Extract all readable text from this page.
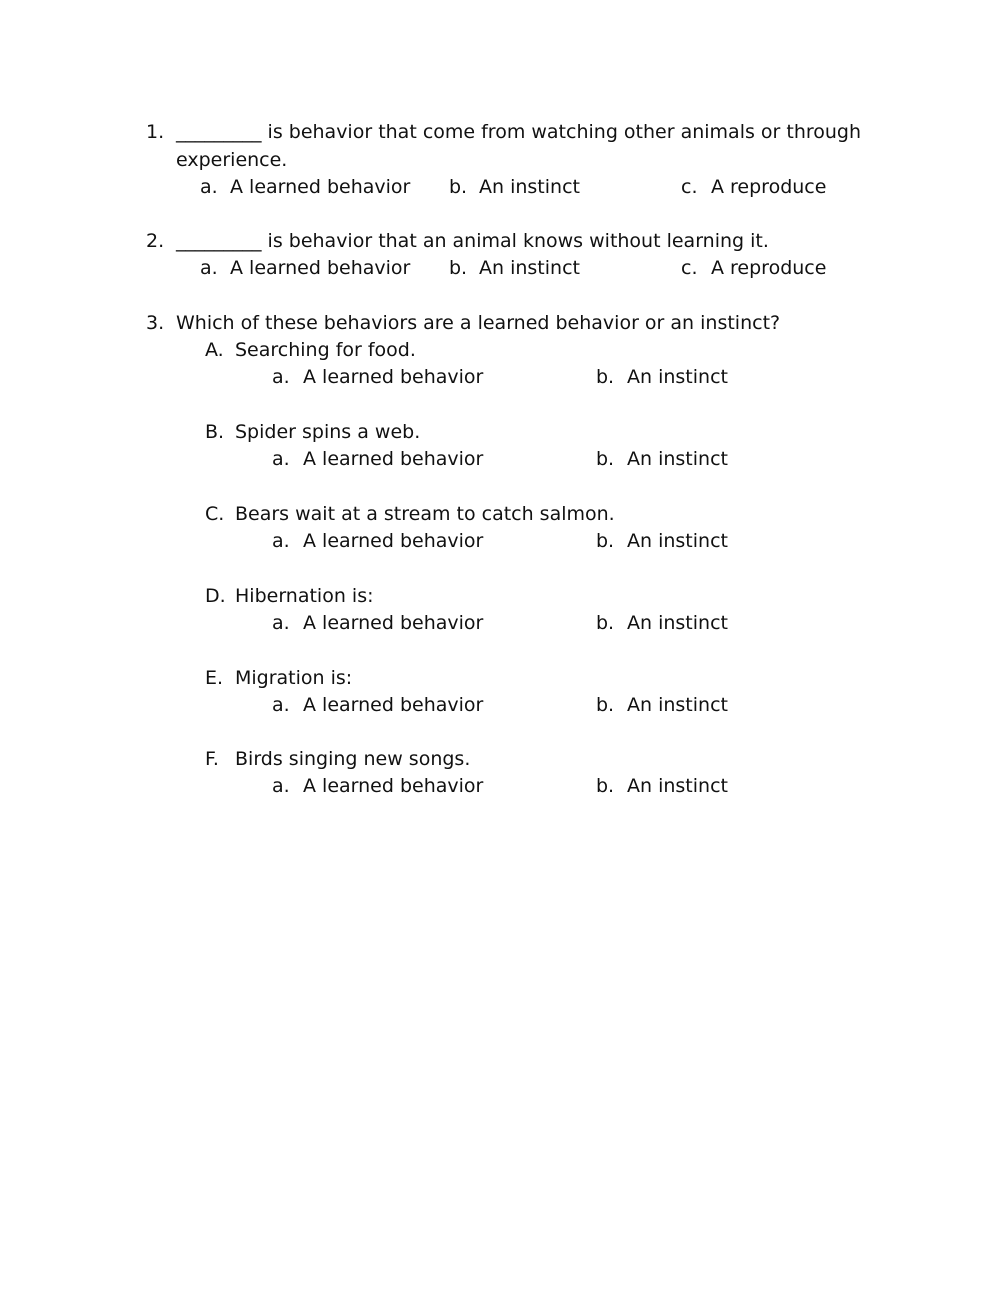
1. _________ is behavior that come from watching other animals or through
experience.
a. A learned behavior b. An instinct	c. A reproduce
2. _________ is behavior that an animal knows without learning it.
a. A learned behavior b. An instinct	c. A reproduce
3. Which of these behaviors are a learned behavior or an instinct?
A. Searching for food.
a. A learned behavior	b. An instinct
B. Spider spins a web.
a. A learned behavior	b. An instinct
C. Bears wait at a stream to catch salmon.
a. A learned behavior	b. An instinct
D. Hibernation is:
a. A learned behavior	b. An instinct
E. Migration is:
a. A learned behavior	b. An instinct
F. Birds singing new songs.
a. A learned behavior	b. An instinct
